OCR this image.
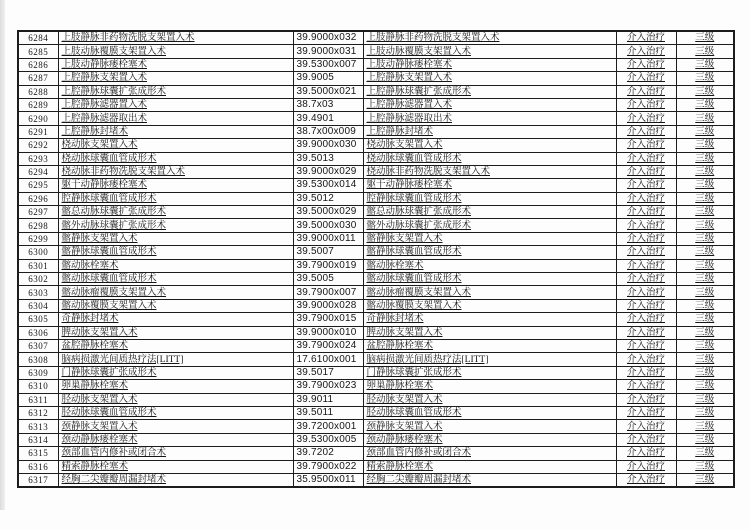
6284	上肢静脉非药物洗脱支架置入术	39.9000x032	上肢静脉非药物洗脱支架置入术	介入治疗	三级
6285	上肢动脉覆膜支架置入术	39.9000x031	上肢动脉覆膜支架置入术	介入治疗	三级
6286	上肢动静脉瘘栓塞术	39.5300x007	上肢动静脉瘘栓塞术	介入治疗	三级
6287	上腔静脉支架置入术	39.9005	上腔静脉支架置入术	介入治疗	三级
6288	上腔静脉球囊扩张成形术	39.5000x021	上腔静脉球囊扩张成形术	介入治疗	三级
6289	上腔静脉滤器置入术	38.7x03	上腔静脉滤器置入术	介入治疗	三级
6290	上腔静脉滤器取出术	39.4901	上腔静脉滤器取出术	介入治疗	三级
6291	上腔静脉封堵术	38.7x00x009	上腔静脉封堵术	介入治疗	三级
6292	桡动脉支架置入术	39.9000x030	桡动脉支架置入术	介入治疗	三级
6293	桡动脉球囊血管成形术	39.5013	桡动脉球囊血管成形术	介入治疗	三级
6294	桡动脉非药物洗脱支架置入术	39.9000x029	桡动脉非药物洗脱支架置入术	介入治疗	三级
6295	躯干动静脉瘘栓塞术	39.5300x014	躯干动静脉瘘栓塞术	介入治疗	三级
6296	腔静脉球囊血管成形术	39.5012	腔静脉球囊血管成形术	介入治疗	三级
6297	髂总动脉球囊扩张成形术	39.5000x029	髂总动脉球囊扩张成形术	介入治疗	三级
6298	髂外动脉球囊扩张成形术	39.5000x030	髂外动脉球囊扩张成形术	介入治疗	三级
6299	髂静脉支架置入术	39.9000x011	髂静脉支架置入术	介入治疗	三级
6300	髂静脉球囊血管成形术	39.5007	髂静脉球囊血管成形术	介入治疗	三级
6301	髂动脉栓塞术	39.7900x019	髂动脉栓塞术	介入治疗	三级
6302	髂动脉球囊血管成形术	39.5005	髂动脉球囊血管成形术	介入治疗	三级
6303	髂动脉瘤覆膜支架置入术	39.7900x007	髂动脉瘤覆膜支架置入术	介入治疗	三级
6304	髂动脉覆膜支架置入术	39.9000x028	髂动脉覆膜支架置入术	介入治疗	三级
6305	奇静脉封堵术	39.7900x015	奇静脉封堵术	介入治疗	三级
6306	脾动脉支架置入术	39.9000x010	脾动脉支架置入术	介入治疗	三级
6307	盆腔静脉栓塞术	39.7900x024	盆腔静脉栓塞术	介入治疗	三级
6308	脑病损激光间质热疗法[LITT]	17.6100x001	脑病损激光间质热疗法[LITT]	介入治疗	三级
6309	门静脉球囊扩张成形术	39.5017	门静脉球囊扩张成形术	介入治疗	三级
6310	卵巢静脉栓塞术	39.7900x023	卵巢静脉栓塞术	介入治疗	三级
6311	胫动脉支架置入术	39.9011	胫动脉支架置入术	介入治疗	三级
6312	胫动脉球囊血管成形术	39.5011	胫动脉球囊血管成形术	介入治疗	三级
6313	颈静脉支架置入术	39.7200x001	颈静脉支架置入术	介入治疗	三级
6314	颈动静脉瘘栓塞术	39.5300x005	颈动静脉瘘栓塞术	介入治疗	三级
6315	颈部血管内修补或闭合术	39.7202	颈部血管内修补或闭合术	介入治疗	三级
6316	精索静脉栓塞术	39.7900x022	精索静脉栓塞术	介入治疗	三级
6317	经胸二尖瓣瓣周漏封堵术	35.9500x011	经胸二尖瓣瓣周漏封堵术	介入治疗	三级
